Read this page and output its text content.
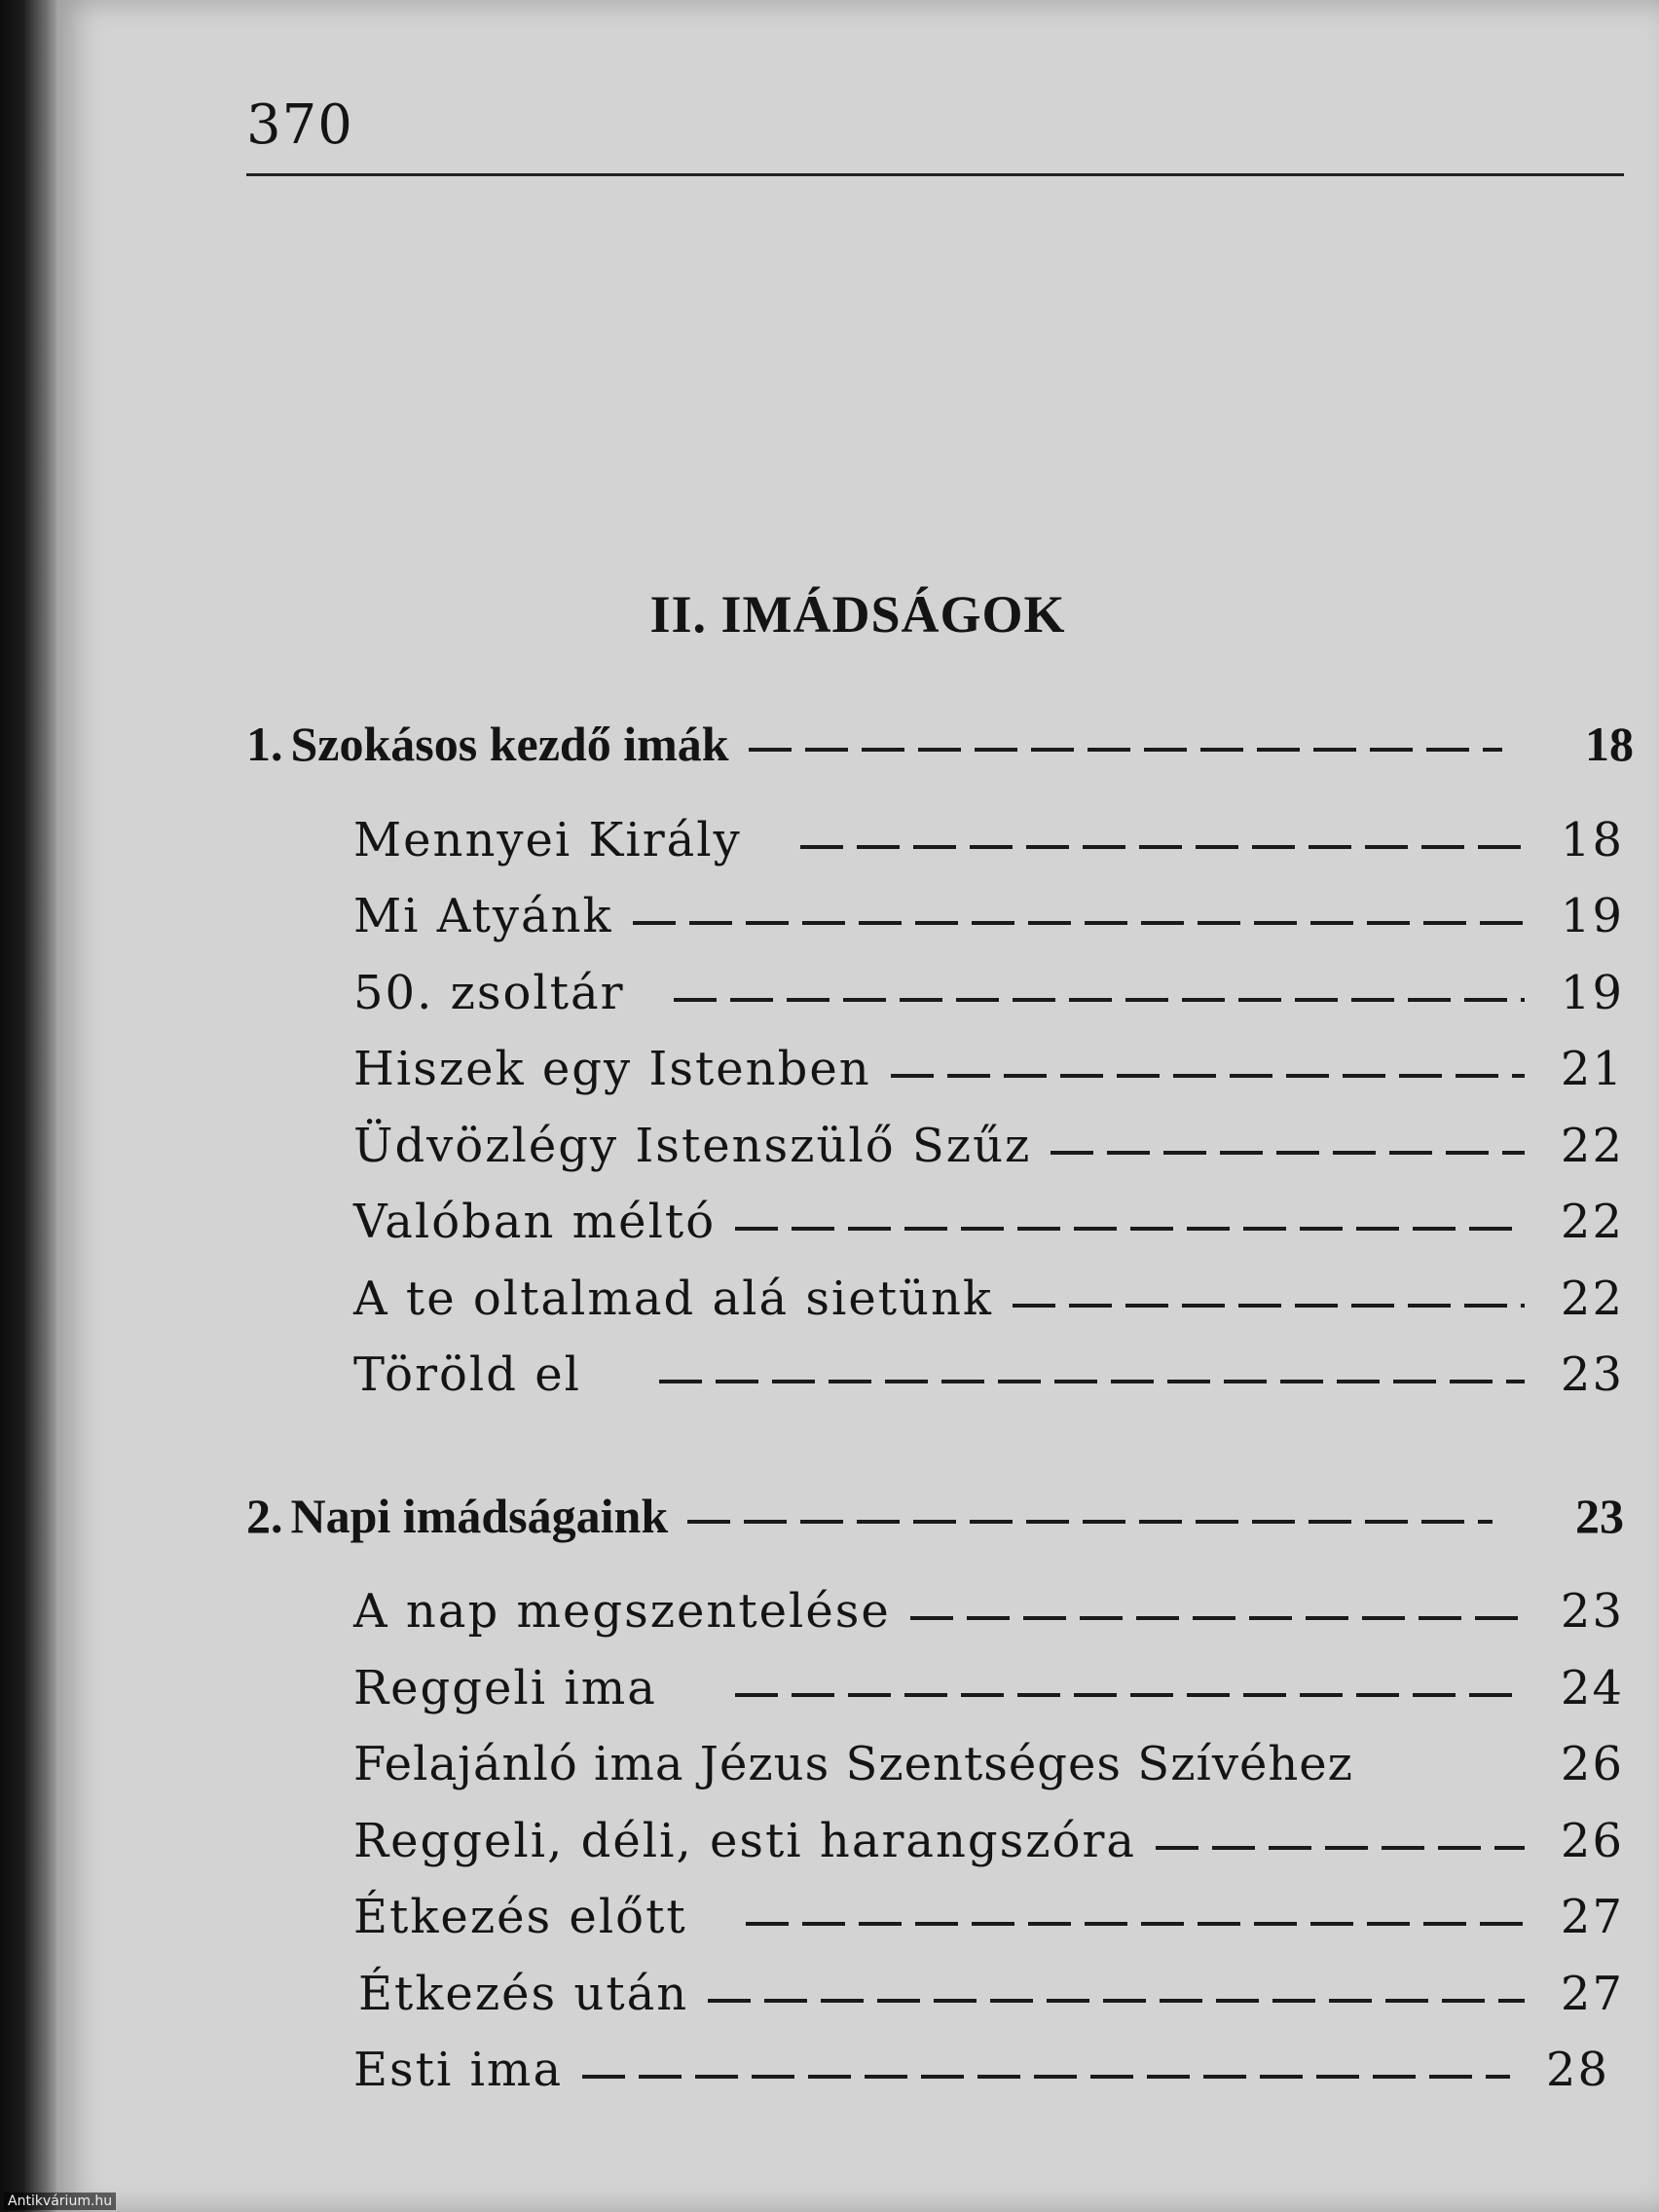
370
II. IMÁDSÁGOK
1. Szokásos kezdő imák	18
Mennyei Király	18
Mi Atyánk	19
50. zsoltár	19
Hiszek egy Istenben	21
Üdvözlégy Istenszülő Szűz	22
Valóban méltó	22
A te oltalmad alá sietünk	22
Töröld el	23
2. Napi imádságaink	23
A nap megszentelése	23
Reggeli ima	24
Felajánló ima Jézus Szentséges Szívéhez	26
Reggeli, déli, esti harangszóra	26
Étkezés előtt	27
Étkezés után	27
Esti ima	28
Antikvárium.hu
